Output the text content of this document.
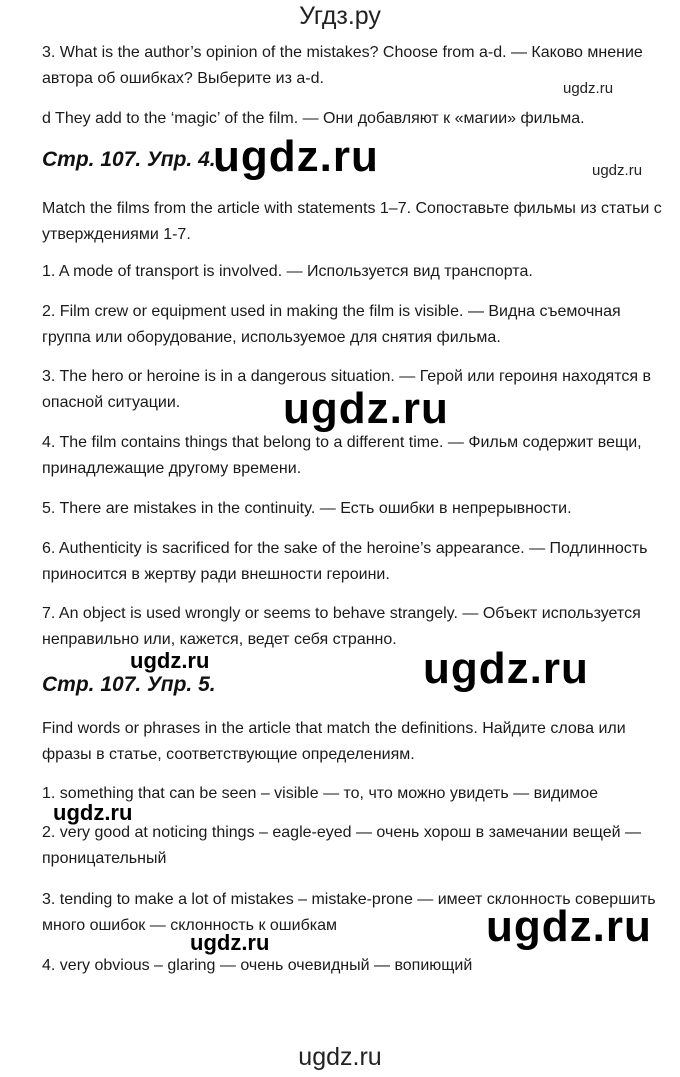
Угдз.ру
3. What is the author’s opinion of the mistakes? Choose from a-d. — Каково мнение автора об ошибках? Выберите из a-d.
ugdz.ru
d They add to the ‘magic’ of the film. — Они добавляют к «магии» фильма.
Стр. 107. Упр. 4.
ugdz.ru	ugdz.ru
Match the films from the article with statements 1–7. Сопоставьте фильмы из статьи с утверждениями 1-7.
1. A mode of transport is involved. — Используется вид транспорта.
2. Film crew or equipment used in making the film is visible. — Видна съемочная группа или оборудование, используемое для снятия фильма.
3. The hero or heroine is in a dangerous situation. — Герой или героиня находятся в опасной ситуации.	ugdz.ru
4. The film contains things that belong to a different time. — Фильм содержит вещи, принадлежащие другому времени.
5. There are mistakes in the continuity. — Есть ошибки в непрерывности.
6. Authenticity is sacrificed for the sake of the heroine’s appearance. — Подлинность приносится в жертву ради внешности героини.
7. An object is used wrongly or seems to behave strangely. — Объект используется неправильно или, кажется, ведет себя странно.
ugdz.ru
Стр. 107. Упр. 5.	ugdz.ru
Find words or phrases in the article that match the definitions. Найдите слова или фразы в статье, соответствующие определениям.
1. something that can be seen – visible — то, что можно увидеть — видимое
ugdz.ru
2. very good at noticing things – eagle-eyed — очень хорош в замечании вещей — проницательный
3. tending to make a lot of mistakes – mistake-prone — имеет склонность совершить много ошибок — склонность к ошибкам	ugdz.ru
ugdz.ru
4. very obvious – glaring — очень очевидный — вопиющий
ugdz.ru
